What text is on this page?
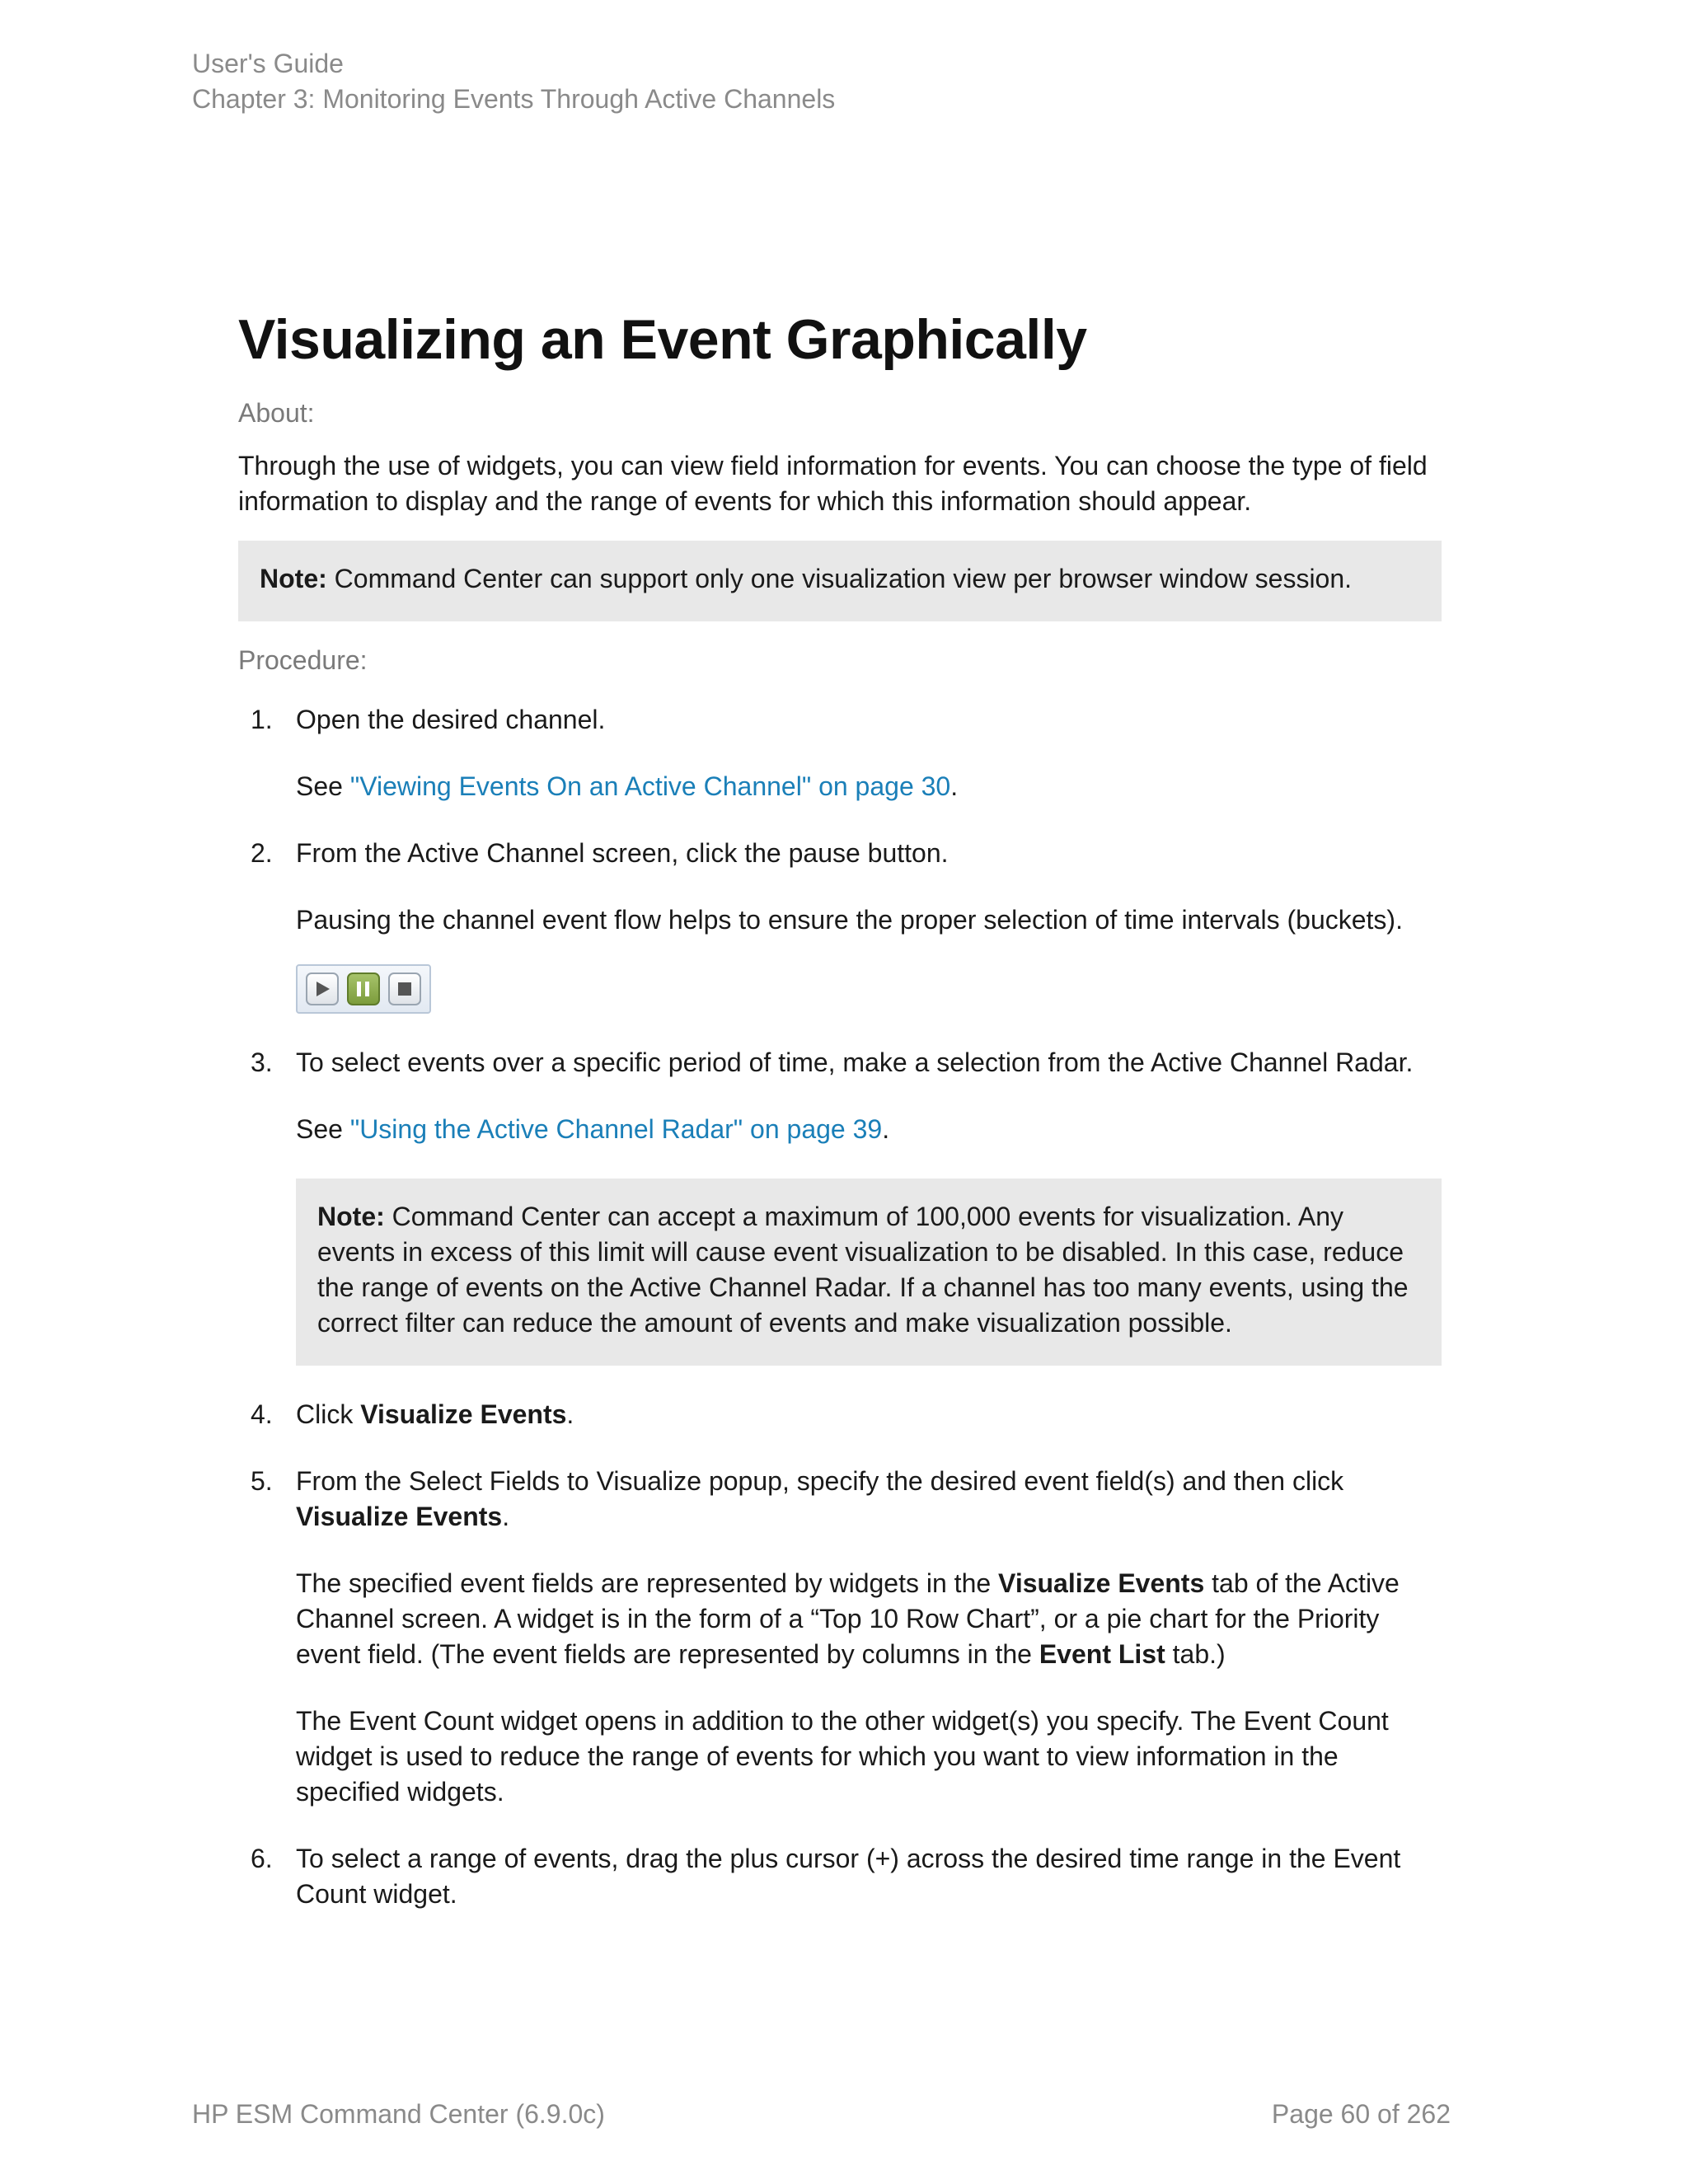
User's Guide
Chapter 3: Monitoring Events Through Active Channels
Visualizing an Event Graphically
About:

Through the use of widgets, you can view field information for events. You can choose the type of field information to display and the range of events for which this information should appear.

Note: Command Center can support only one visualization view per browser window session.
Procedure:
1. Open the desired channel.
See "Viewing Events On an Active Channel" on page 30.
2. From the Active Channel screen, click the pause button.
Pausing the channel event flow helps to ensure the proper selection of time intervals (buckets).
3. To select events over a specific period of time, make a selection from the Active Channel Radar.
See "Using the Active Channel Radar" on page 39.
Note: Command Center can accept a maximum of 100,000 events for visualization. Any events in excess of this limit will cause event visualization to be disabled. In this case, reduce the range of events on the Active Channel Radar. If a channel has too many events, using the correct filter can reduce the amount of events and make visualization possible.
4. Click Visualize Events.
5. From the Select Fields to Visualize popup, specify the desired event field(s) and then click Visualize Events.
The specified event fields are represented by widgets in the Visualize Events tab of the Active Channel screen. A widget is in the form of a “Top 10 Row Chart”, or a pie chart for the Priority event field. (The event fields are represented by columns in the Event List tab.)
The Event Count widget opens in addition to the other widget(s) you specify. The Event Count widget is used to reduce the range of events for which you want to view information in the specified widgets.
6. To select a range of events, drag the plus cursor (+) across the desired time range in the Event Count widget.
HP ESM Command Center (6.9.0c)	Page 60 of 262
